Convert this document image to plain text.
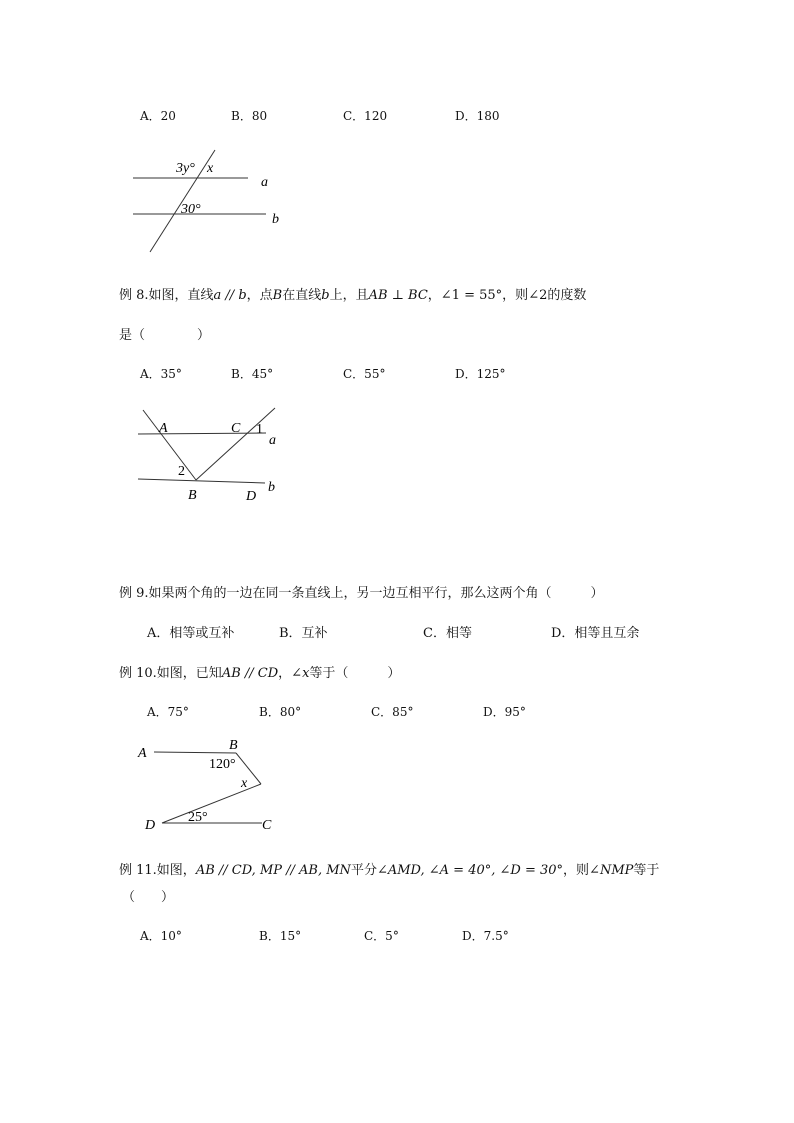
A．20	B．80	C．120	D．180
3y° x
30°
a
b
例 8.如图，直线a // b，点B在直线b上，且AB ⊥ BC，∠1 = 55°，则∠2的度数
是（　　　　）
A．35°	B．45°	C．55°	D．125°
A	C 1
a
2
B	D
b
例 9.如果两个角的一边在同一条直线上，另一边互相平行，那么这两个角（　　　）
A．相等或互补	B．互补	C．相等	D．相等且互余
例 10.如图，已知AB // CD，∠x等于（　　　）
A．75°	B．80°	C．85°	D．95°
A
B
120°
x
D
25°
C
例 11.如图，AB // CD, MP // AB, MN平分∠AMD, ∠A = 40°, ∠D = 30°，则∠NMP等于
（　　）
A．10°	B．15°	C．5°	D．7.5°
